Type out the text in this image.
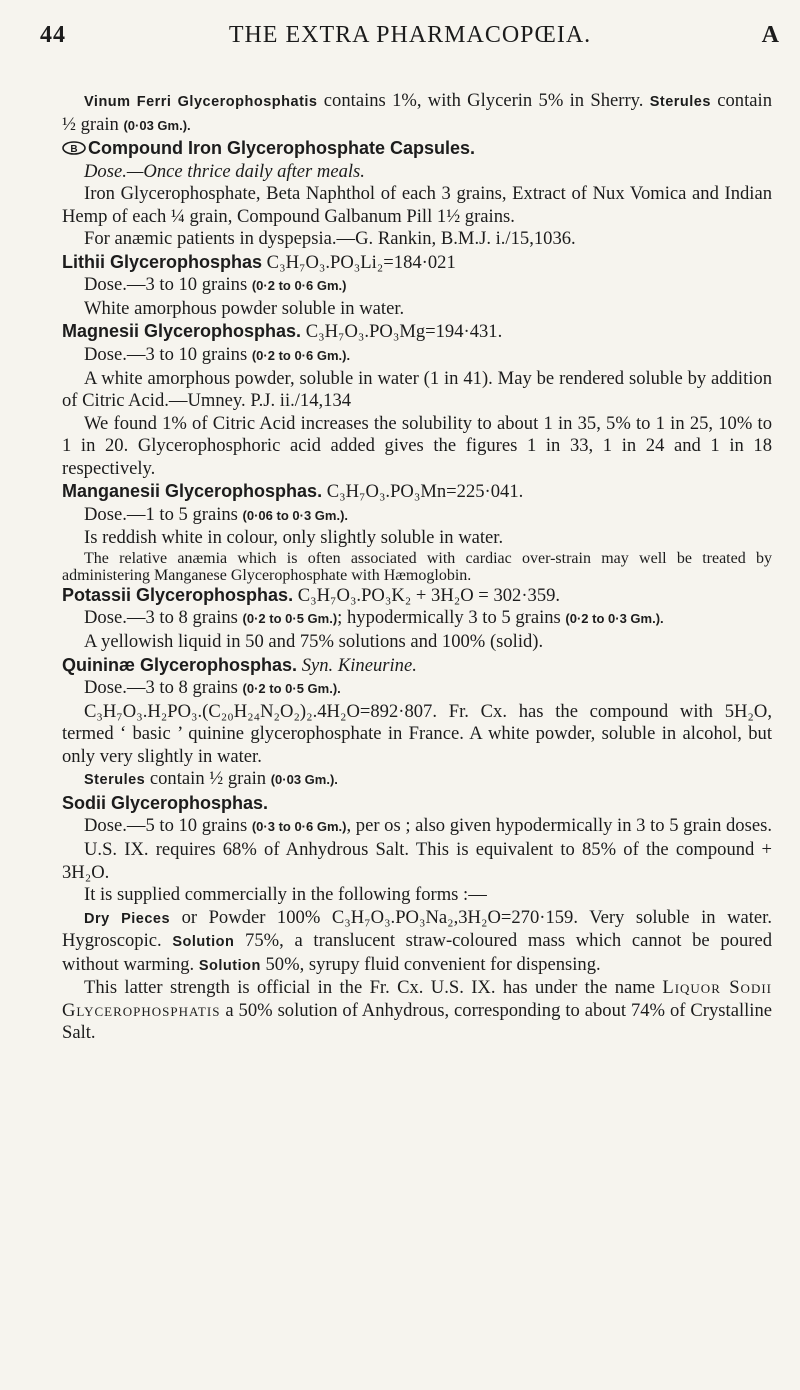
44	THE EXTRA PHARMACOPŒIA.	A

Vinum Ferri Glycerophosphatis contains 1%, with Glycerin 5% in Sherry. Sterules contain ½ grain (0·03 Gm.).

B Compound Iron Glycerophosphate Capsules.

Dose.—Once thrice daily after meals.

Iron Glycerophosphate, Beta Naphthol of each 3 grains, Extract of Nux Vomica and Indian Hemp of each ¼ grain, Compound Galbanum Pill 1½ grains.

For anæmic patients in dyspepsia.—G. Rankin, B.M.J. i./15,1036.

Lithii Glycerophosphas C₃H₇O₃.PO₃Li₂=184·021

Dose.—3 to 10 grains (0·2 to 0·6 Gm.)

White amorphous powder soluble in water.

Magnesii Glycerophosphas. C₃H₇O₃.PO₃Mg=194·431.

Dose.—3 to 10 grains (0·2 to 0·6 Gm.).

A white amorphous powder, soluble in water (1 in 41). May be rendered soluble by addition of Citric Acid.—Umney. P.J. ii./14,134

We found 1% of Citric Acid increases the solubility to about 1 in 35, 5% to 1 in 25, 10% to 1 in 20. Glycerophosphoric acid added gives the figures 1 in 33, 1 in 24 and 1 in 18 respectively.

Manganesii Glycerophosphas. C₃H₇O₃.PO₃Mn=225·041.

Dose.—1 to 5 grains (0·06 to 0·3 Gm.).

Is reddish white in colour, only slightly soluble in water.

The relative anæmia which is often associated with cardiac over-strain may well be treated by administering Manganese Glycerophosphate with Hæmoglobin.

Potassii Glycerophosphas. C₃H₇O₃.PO₃K₂ + 3H₂O = 302·359.

Dose.—3 to 8 grains (0·2 to 0·5 Gm.); hypodermically 3 to 5 grains (0·2 to 0·3 Gm.).

A yellowish liquid in 50 and 75% solutions and 100% (solid).

Quininæ Glycerophosphas. Syn. Kineurine.

Dose.—3 to 8 grains (0·2 to 0·5 Gm.).

C₃H₇O₃.H₂PO₃.(C₂₀H₂₄N₂O₂)₂.4H₂O=892·807. Fr. Cx. has the compound with 5H₂O, termed ‘ basic ’ quinine glycerophosphate in France. A white powder, soluble in alcohol, but only very slightly in water.

Sterules contain ½ grain (0·03 Gm.).

Sodii Glycerophosphas.

Dose.—5 to 10 grains (0·3 to 0·6 Gm.), per os ; also given hypodermically in 3 to 5 grain doses.

U.S. IX. requires 68% of Anhydrous Salt. This is equivalent to 85% of the compound + 3H₂O.

It is supplied commercially in the following forms :—

Dry Pieces or Powder 100% C₃H₇O₃.PO₃Na₂,3H₂O=270·159. Very soluble in water. Hygroscopic. Solution 75%, a translucent straw-coloured mass which cannot be poured without warming. Solution 50%, syrupy fluid convenient for dispensing.

This latter strength is official in the Fr. Cx. U.S. IX. has under the name Liquor Sodii Glycerophosphatis a 50% solution of Anhydrous, corresponding to about 74% of Crystalline Salt.
